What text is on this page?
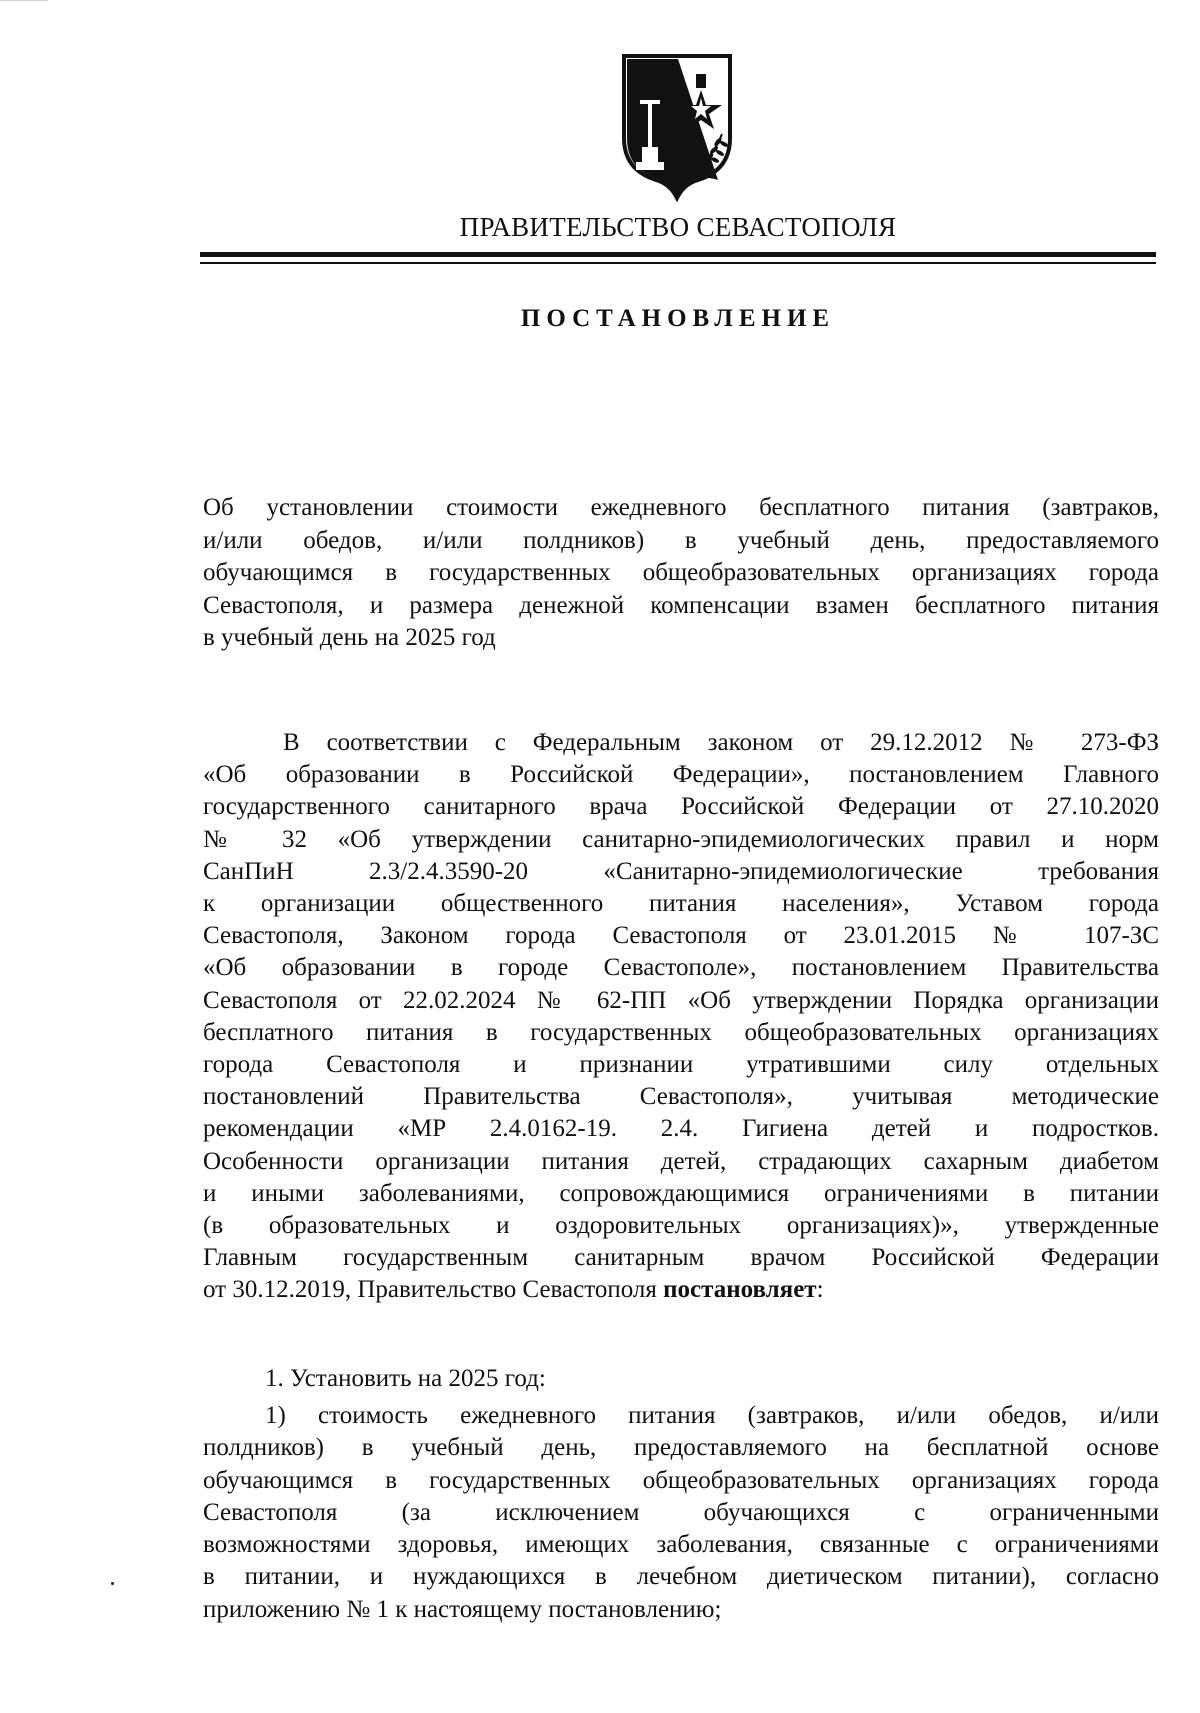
ПРАВИТЕЛЬСТВО СЕВАСТОПОЛЯ
ПОСТАНОВЛЕНИЕ
Об установлении стоимости ежедневного бесплатного питания (завтраков,
и/или обедов, и/или полдников) в учебный день, предоставляемого
обучающимся в государственных общеобразовательных организациях города
Севастополя, и размера денежной компенсации взамен бесплатного питания
в учебный день на 2025 год
В соответствии с Федеральным законом от 29.12.2012 № 273-ФЗ
«Об образовании в Российской Федерации», постановлением Главного
государственного санитарного врача Российской Федерации от 27.10.2020
№ 32 «Об утверждении санитарно-эпидемиологических правил и норм
СанПиН 2.3/2.4.3590-20 «Санитарно-эпидемиологические требования
к организации общественного питания населения», Уставом города
Севастополя, Законом города Севастополя от 23.01.2015 № 107-ЗС
«Об образовании в городе Севастополе», постановлением Правительства
Севастополя от 22.02.2024 № 62-ПП «Об утверждении Порядка организации
бесплатного питания в государственных общеобразовательных организациях
города Севастополя и признании утратившими силу отдельных
постановлений Правительства Севастополя», учитывая методические
рекомендации «МР 2.4.0162-19. 2.4. Гигиена детей и подростков.
Особенности организации питания детей, страдающих сахарным диабетом
и иными заболеваниями, сопровождающимися ограничениями в питании
(в образовательных и оздоровительных организациях)», утвержденные
Главным государственным санитарным врачом Российской Федерации
от 30.12.2019, Правительство Севастополя постановляет:
1. Установить на 2025 год:
1) стоимость ежедневного питания (завтраков, и/или обедов, и/или
полдников) в учебный день, предоставляемого на бесплатной основе
обучающимся в государственных общеобразовательных организациях города
Севастополя (за исключением обучающихся с ограниченными
возможностями здоровья, имеющих заболевания, связанные с ограничениями
в питании, и нуждающихся в лечебном диетическом питании), согласно
приложению № 1 к настоящему постановлению;
